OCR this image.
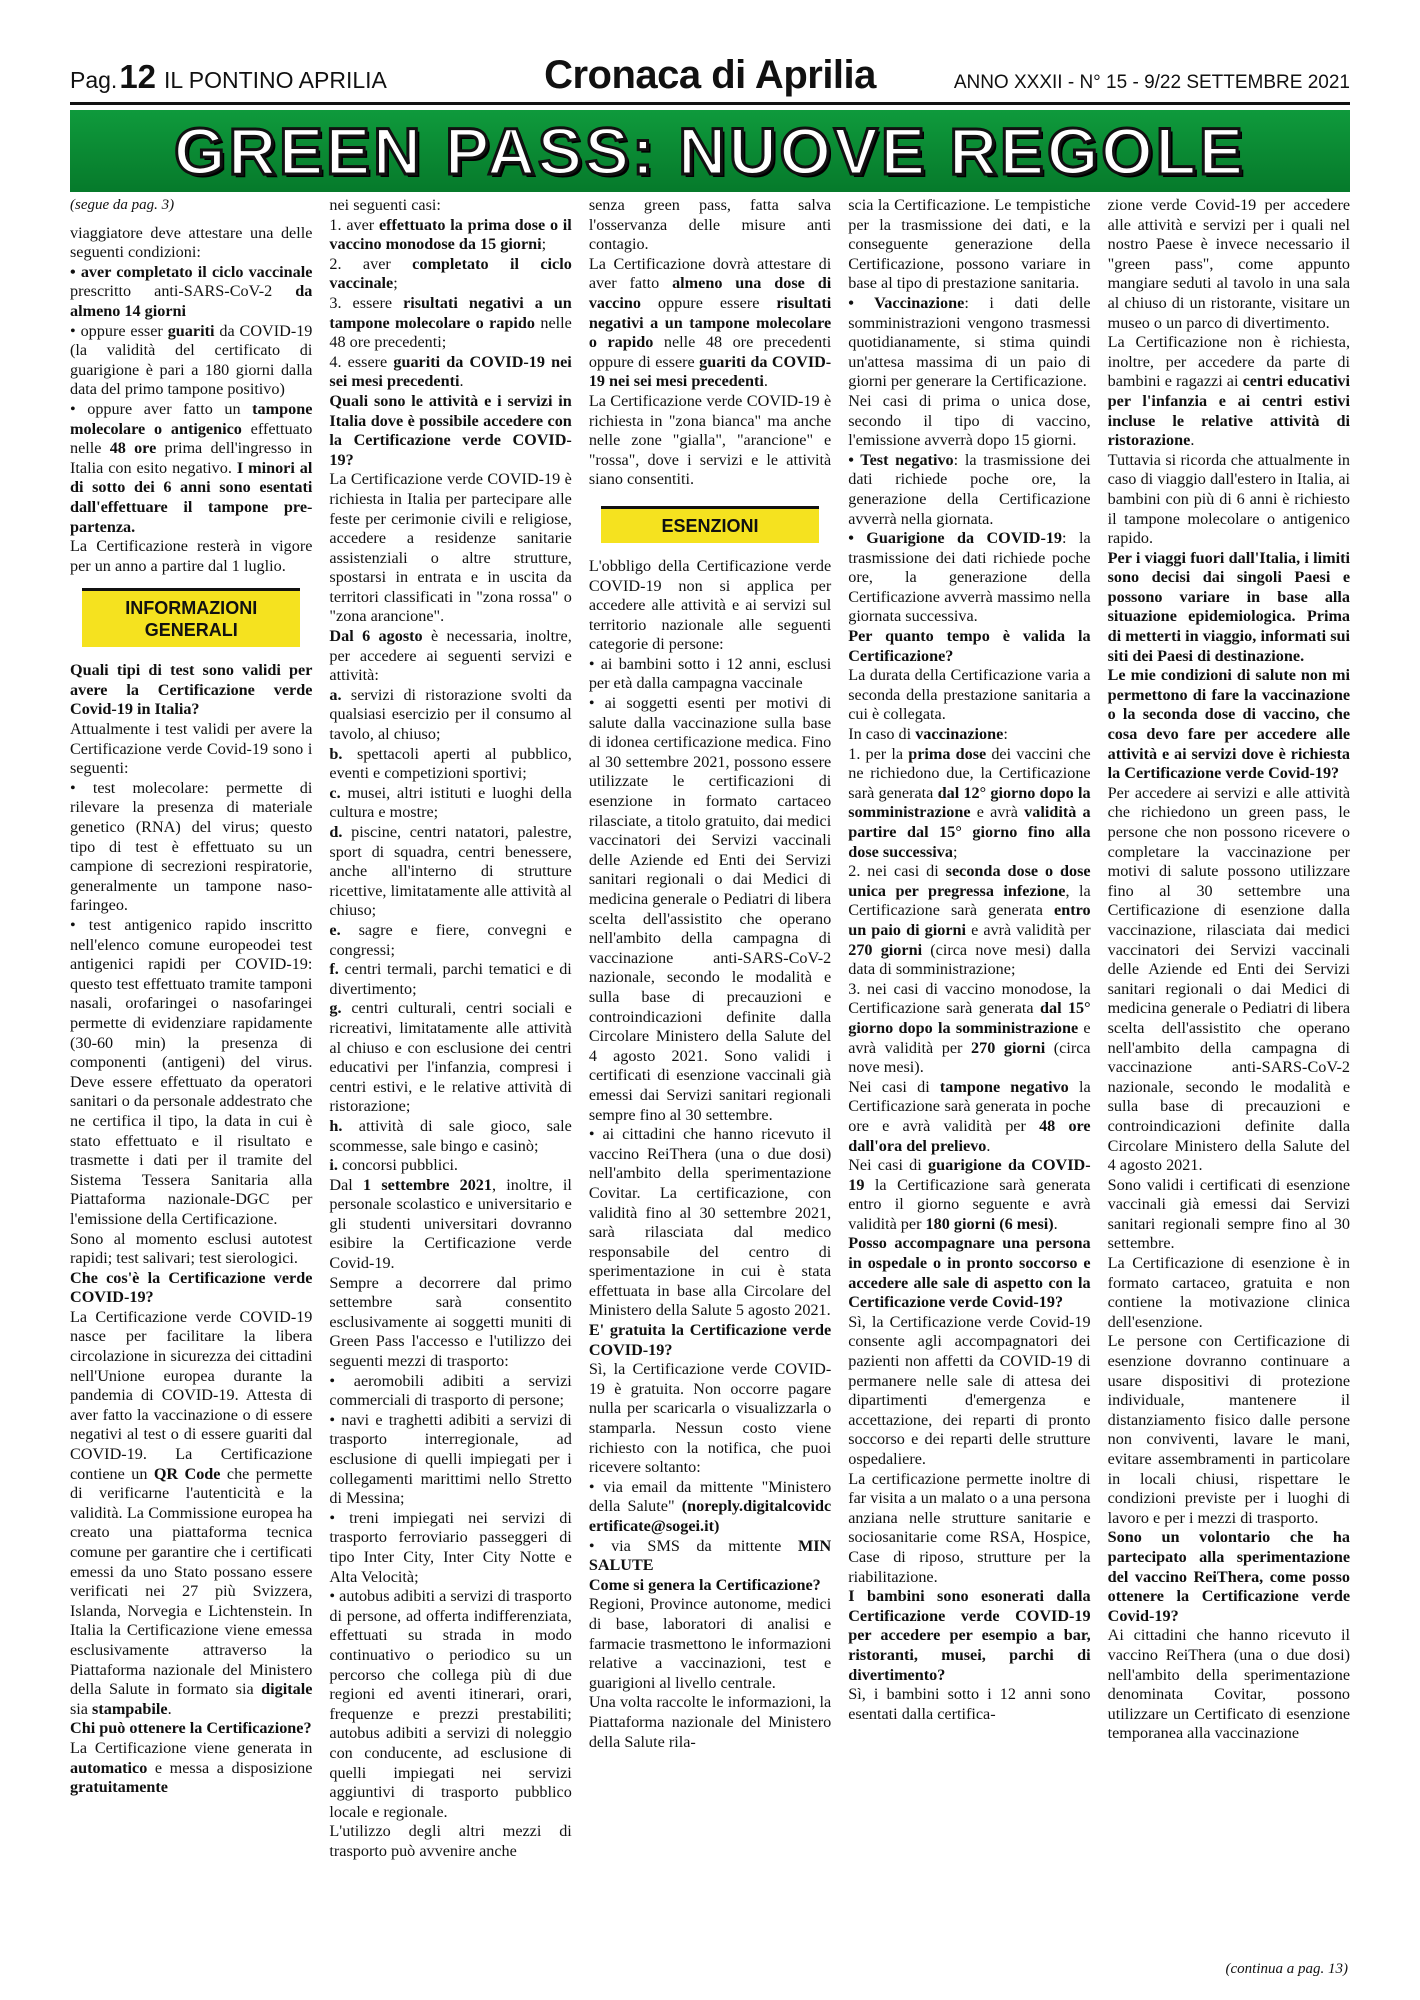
Pag.12 IL PONTINO APRILIA	Cronaca di Aprilia	ANNO XXXII - N° 15 - 9/22 SETTEMBRE 2021
GREEN PASS: NUOVE REGOLE

(segue da pag. 3)

viaggiatore deve attestare una delle seguenti condizioni:

• aver completato il ciclo vaccinale prescritto anti-SARS-CoV-2 da almeno 14 giorni

• oppure esser guariti da COVID-19 (la validità del certificato di guarigione è pari a 180 giorni dalla data del primo tampone positivo)

• oppure aver fatto un tampone molecolare o antigenico effettuato nelle 48 ore prima dell'ingresso in Italia con esito negativo. I minori al di sotto dei 6 anni sono esentati dall'effettuare il tampone pre-partenza.

La Certificazione resterà in vigore per un anno a partire dal 1 luglio.

INFORMAZIONI GENERALI

Quali tipi di test sono validi per avere la Certificazione verde Covid-19 in Italia?

Attualmente i test validi per avere la Certificazione verde Covid-19 sono i seguenti:

• test molecolare: permette di rilevare la presenza di materiale genetico (RNA) del virus; questo tipo di test è effettuato su un campione di secrezioni respiratorie, generalmente un tampone naso-faringeo.

• test antigenico rapido inscritto nell'elenco comune europeodei test antigenici rapidi per COVID-19: questo test effettuato tramite tamponi nasali, orofaringei o nasofaringei permette di evidenziare rapidamente (30-60 min) la presenza di componenti (antigeni) del virus. Deve essere effettuato da operatori sanitari o da personale addestrato che ne certifica il tipo, la data in cui è stato effettuato e il risultato e trasmette i dati per il tramite del Sistema Tessera Sanitaria alla Piattaforma nazionale-DGC per l'emissione della Certificazione.

Sono al momento esclusi autotest rapidi; test salivari; test sierologici.

Che cos'è la Certificazione verde COVID-19?

La Certificazione verde COVID-19 nasce per facilitare la libera circolazione in sicurezza dei cittadini nell'Unione europea durante la pandemia di COVID-19. Attesta di aver fatto la vaccinazione o di essere negativi al test o di essere guariti dal COVID-19. La Certificazione contiene un QR Code che permette di verificarne l'autenticità e la validità. La Commissione europea ha creato una piattaforma tecnica comune per garantire che i certificati emessi da uno Stato possano essere verificati nei 27 più Svizzera, Islanda, Norvegia e Lichtenstein. In Italia la Certificazione viene emessa esclusivamente attraverso la Piattaforma nazionale del Ministero della Salute in formato sia digitale sia stampabile.

Chi può ottenere la Certificazione?

La Certificazione viene generata in automatico e messa a disposizione gratuitamente

nei seguenti casi:

1. aver effettuato la prima dose o il vaccino monodose da 15 giorni;

2. aver completato il ciclo vaccinale;

3. essere risultati negativi a un tampone molecolare o rapido nelle 48 ore precedenti;

4. essere guariti da COVID-19 nei sei mesi precedenti.

Quali sono le attività e i servizi in Italia dove è possibile accedere con la Certificazione verde COVID-19?

La Certificazione verde COVID-19 è richiesta in Italia per partecipare alle feste per cerimonie civili e religiose, accedere a residenze sanitarie assistenziali o altre strutture, spostarsi in entrata e in uscita da territori classificati in "zona rossa" o "zona arancione".

Dal 6 agosto è necessaria, inoltre, per accedere ai seguenti servizi e attività:

a. servizi di ristorazione svolti da qualsiasi esercizio per il consumo al tavolo, al chiuso;

b. spettacoli aperti al pubblico, eventi e competizioni sportivi;

c. musei, altri istituti e luoghi della cultura e mostre;

d. piscine, centri natatori, palestre, sport di squadra, centri benessere, anche all'interno di strutture ricettive, limitatamente alle attività al chiuso;

e. sagre e fiere, convegni e congressi;

f. centri termali, parchi tematici e di divertimento;

g. centri culturali, centri sociali e ricreativi, limitatamente alle attività al chiuso e con esclusione dei centri educativi per l'infanzia, compresi i centri estivi, e le relative attività di ristorazione;

h. attività di sale gioco, sale scommesse, sale bingo e casinò;

i. concorsi pubblici.

Dal 1 settembre 2021, inoltre, il personale scolastico e universitario e gli studenti universitari dovranno esibire la Certificazione verde Covid-19.

Sempre a decorrere dal primo settembre sarà consentito esclusivamente ai soggetti muniti di Green Pass l'accesso e l'utilizzo dei seguenti mezzi di trasporto:

• aeromobili adibiti a servizi commerciali di trasporto di persone;

• navi e traghetti adibiti a servizi di trasporto interregionale, ad esclusione di quelli impiegati per i collegamenti marittimi nello Stretto di Messina;

• treni impiegati nei servizi di trasporto ferroviario passeggeri di tipo Inter City, Inter City Notte e Alta Velocità;

• autobus adibiti a servizi di trasporto di persone, ad offerta indifferenziata, effettuati su strada in modo continuativo o periodico su un percorso che collega più di due regioni ed aventi itinerari, orari, frequenze e prezzi prestabiliti; autobus adibiti a servizi di noleggio con conducente, ad esclusione di quelli impiegati nei servizi aggiuntivi di trasporto pubblico locale e regionale.

L'utilizzo degli altri mezzi di trasporto può avvenire anche

senza green pass, fatta salva l'osservanza delle misure anti contagio.

La Certificazione dovrà attestare di aver fatto almeno una dose di vaccino oppure essere risultati negativi a un tampone molecolare o rapido nelle 48 ore precedenti oppure di essere guariti da COVID-19 nei sei mesi precedenti.

La Certificazione verde COVID-19 è richiesta in "zona bianca" ma anche nelle zone "gialla", "arancione" e "rossa", dove i servizi e le attività siano consentiti.

ESENZIONI

L'obbligo della Certificazione verde COVID-19 non si applica per accedere alle attività e ai servizi sul territorio nazionale alle seguenti categorie di persone:

• ai bambini sotto i 12 anni, esclusi per età dalla campagna vaccinale

• ai soggetti esenti per motivi di salute dalla vaccinazione sulla base di idonea certificazione medica. Fino al 30 settembre 2021, possono essere utilizzate le certificazioni di esenzione in formato cartaceo rilasciate, a titolo gratuito, dai medici vaccinatori dei Servizi vaccinali delle Aziende ed Enti dei Servizi sanitari regionali o dai Medici di medicina generale o Pediatri di libera scelta dell'assistito che operano nell'ambito della campagna di vaccinazione anti-SARS-CoV-2 nazionale, secondo le modalità e sulla base di precauzioni e controindicazioni definite dalla Circolare Ministero della Salute del 4 agosto 2021. Sono validi i certificati di esenzione vaccinali già emessi dai Servizi sanitari regionali sempre fino al 30 settembre.

• ai cittadini che hanno ricevuto il vaccino ReiThera (una o due dosi) nell'ambito della sperimentazione Covitar. La certificazione, con validità fino al 30 settembre 2021, sarà rilasciata dal medico responsabile del centro di sperimentazione in cui è stata effettuata in base alla Circolare del Ministero della Salute 5 agosto 2021.

E' gratuita la Certificazione verde COVID-19?

Sì, la Certificazione verde COVID-19 è gratuita. Non occorre pagare nulla per scaricarla o visualizzarla o stamparla. Nessun costo viene richiesto con la notifica, che puoi ricevere soltanto:

• via email da mittente "Ministero della Salute" (noreply.digitalcovidcertificate@sogei.it)

• via SMS da mittente MIN SALUTE

Come si genera la Certificazione?

Regioni, Province autonome, medici di base, laboratori di analisi e farmacie trasmettono le informazioni relative a vaccinazioni, test e guarigioni al livello centrale.

Una volta raccolte le informazioni, la Piattaforma nazionale del Ministero della Salute rila-

scia la Certificazione. Le tempistiche per la trasmissione dei dati, e la conseguente generazione della Certificazione, possono variare in base al tipo di prestazione sanitaria.

• Vaccinazione: i dati delle somministrazioni vengono trasmessi quotidianamente, si stima quindi un'attesa massima di un paio di giorni per generare la Certificazione.

Nei casi di prima o unica dose, secondo il tipo di vaccino, l'emissione avverrà dopo 15 giorni.

• Test negativo: la trasmissione dei dati richiede poche ore, la generazione della Certificazione avverrà nella giornata.

• Guarigione da COVID-19: la trasmissione dei dati richiede poche ore, la generazione della Certificazione avverrà massimo nella giornata successiva.

Per quanto tempo è valida la Certificazione?

La durata della Certificazione varia a seconda della prestazione sanitaria a cui è collegata.

In caso di vaccinazione:

1. per la prima dose dei vaccini che ne richiedono due, la Certificazione sarà generata dal 12° giorno dopo la somministrazione e avrà validità a partire dal 15° giorno fino alla dose successiva;

2. nei casi di seconda dose o dose unica per pregressa infezione, la Certificazione sarà generata entro un paio di giorni e avrà validità per 270 giorni (circa nove mesi) dalla data di somministrazione;

3. nei casi di vaccino monodose, la Certificazione sarà generata dal 15° giorno dopo la somministrazione e avrà validità per 270 giorni (circa nove mesi).

Nei casi di tampone negativo la Certificazione sarà generata in poche ore e avrà validità per 48 ore dall'ora del prelievo.

Nei casi di guarigione da COVID-19 la Certificazione sarà generata entro il giorno seguente e avrà validità per 180 giorni (6 mesi).

Posso accompagnare una persona in ospedale o in pronto soccorso e accedere alle sale di aspetto con la Certificazione verde Covid-19?

Sì, la Certificazione verde Covid-19 consente agli accompagnatori dei pazienti non affetti da COVID-19 di permanere nelle sale di attesa dei dipartimenti d'emergenza e accettazione, dei reparti di pronto soccorso e dei reparti delle strutture ospedaliere.

La certificazione permette inoltre di far visita a un malato o a una persona anziana nelle strutture sanitarie e sociosanitarie come RSA, Hospice, Case di riposo, strutture per la riabilitazione.

I bambini sono esonerati dalla Certificazione verde COVID-19 per accedere per esempio a bar, ristoranti, musei, parchi di divertimento?

Sì, i bambini sotto i 12 anni sono esentati dalla certifica-

zione verde Covid-19 per accedere alle attività e servizi per i quali nel nostro Paese è invece necessario il "green pass", come appunto mangiare seduti al tavolo in una sala al chiuso di un ristorante, visitare un museo o un parco di divertimento.

La Certificazione non è richiesta, inoltre, per accedere da parte di bambini e ragazzi ai centri educativi per l'infanzia e ai centri estivi incluse le relative attività di ristorazione.

Tuttavia si ricorda che attualmente in caso di viaggio dall'estero in Italia, ai bambini con più di 6 anni è richiesto il tampone molecolare o antigenico rapido.

Per i viaggi fuori dall'Italia, i limiti sono decisi dai singoli Paesi e possono variare in base alla situazione epidemiologica. Prima di metterti in viaggio, informati sui siti dei Paesi di destinazione.

Le mie condizioni di salute non mi permettono di fare la vaccinazione o la seconda dose di vaccino, che cosa devo fare per accedere alle attività e ai servizi dove è richiesta la Certificazione verde Covid-19?

Per accedere ai servizi e alle attività che richiedono un green pass, le persone che non possono ricevere o completare la vaccinazione per motivi di salute possono utilizzare fino al 30 settembre una Certificazione di esenzione dalla vaccinazione, rilasciata dai medici vaccinatori dei Servizi vaccinali delle Aziende ed Enti dei Servizi sanitari regionali o dai Medici di medicina generale o Pediatri di libera scelta dell'assistito che operano nell'ambito della campagna di vaccinazione anti-SARS-CoV-2 nazionale, secondo le modalità e sulla base di precauzioni e controindicazioni definite dalla Circolare Ministero della Salute del 4 agosto 2021.

Sono validi i certificati di esenzione vaccinali già emessi dai Servizi sanitari regionali sempre fino al 30 settembre.

La Certificazione di esenzione è in formato cartaceo, gratuita e non contiene la motivazione clinica dell'esenzione.

Le persone con Certificazione di esenzione dovranno continuare a usare dispositivi di protezione individuale, mantenere il distanziamento fisico dalle persone non conviventi, lavare le mani, evitare assembramenti in particolare in locali chiusi, rispettare le condizioni previste per i luoghi di lavoro e per i mezzi di trasporto.

Sono un volontario che ha partecipato alla sperimentazione del vaccino ReiThera, come posso ottenere la Certificazione verde Covid-19?

Ai cittadini che hanno ricevuto il vaccino ReiThera (una o due dosi) nell'ambito della sperimentazione denominata Covitar, possono utilizzare un Certificato di esenzione temporanea alla vaccinazione

(continua a pag. 13)
